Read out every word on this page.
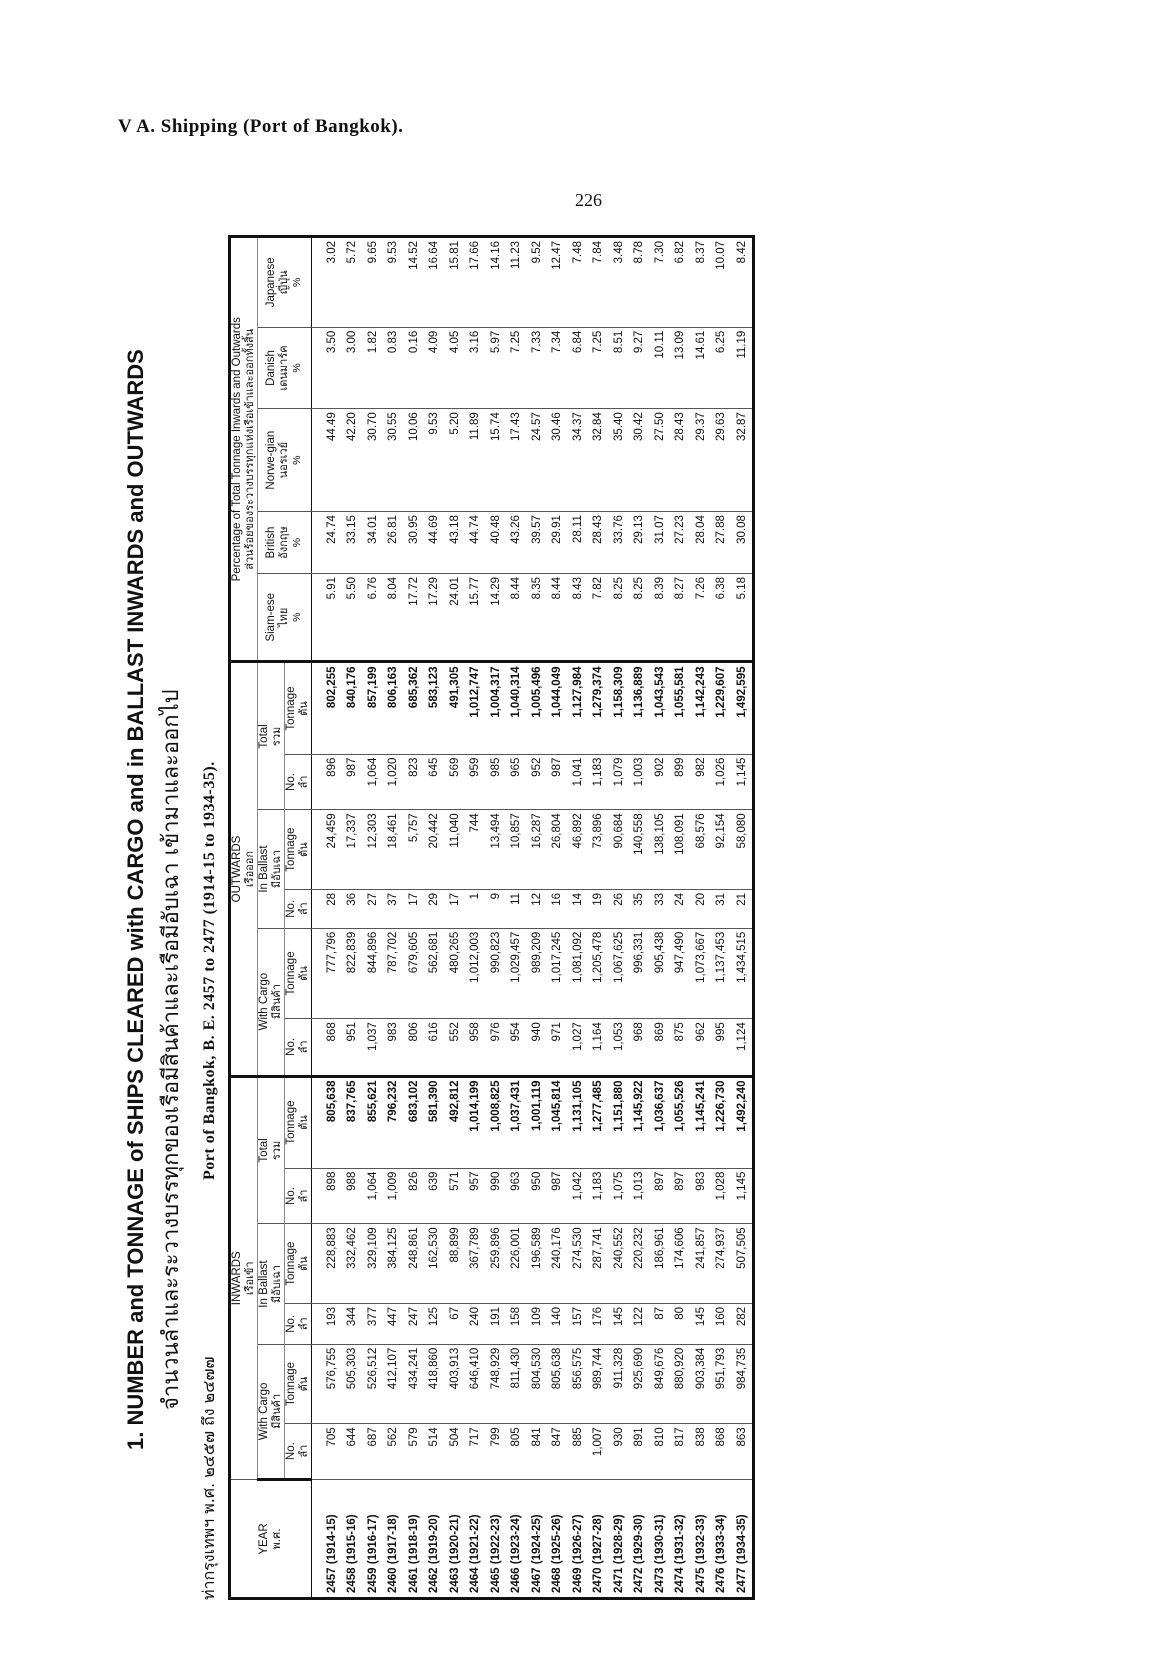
V A. Shipping (Port of Bangkok).
226
1. NUMBER and TONNAGE of SHIPS CLEARED with CARGO and in BALLAST INWARDS and OUTWARDS จำนวนลำและระวางบรรทุกของเรือมีสินค้าและเรือมีอับเฉา เข้ามาและออกไป
ท่ากรุงเทพฯ พ.ศ. ๒๔๕๗ ถึง ๒๔๗๗
Port of Bangkok, B. E. 2457 to 2477 (1914-15 to 1934-35).
YEAR พ.ศ.	INWARDS เรือเข้า						OUTWARDS เรือออก						Percentage of Total Tonnage Inwards and Outwards ส่วนร้อยของระวางบรรทุกแห่งเรือเข้าและออกทั้งสิ้น				

	With Cargo มีสินค้า		In Ballast มีอับเฉา		Total รวม		With Cargo มีสินค้า		In Ballast มีอับเฉา		Total รวม		Siam-ese ไทย %	British อังกฤษ %	Norwe-gian นอรเวย์ %	Danish เดนมาร์ค %	Japanese ญี่ปุ่น %
	No. ลำ	Tonnage ตัน	No. ลำ	Tonnage ตัน	No. ลำ	Tonnage ตัน	No. ลำ	Tonnage ตัน	No. ลำ	Tonnage ตัน	No. ลำ	Tonnage ตัน					

2457 (1914-15)	705	576,755	193	228,883	898	805,638	868	777,796	28	24,459	896	802,255	5.91	24.74	44.49	3.50	3.02
2458 (1915-16)	644	505,303	344	332,462	988	837,765	951	822,839	36	17,337	987	840,176	5.50	33.15	42.20	3.00	5.72
2459 (1916-17)	687	526,512	377	329,109	1,064	855,621	1,037	844,896	27	12,303	1,064	857,199	6.76	34.01	30.70	1.82	9.65
2460 (1917-18)	562	412,107	447	384,125	1,009	796,232	983	787,702	37	18,461	1,020	806,163	8.04	26.81	30.55	0.83	9.53
2461 (1918-19)	579	434,241	247	248,861	826	683,102	806	679,605	17	5,757	823	685,362	17.72	30.95	10.06	0.16	14.52
2462 (1919-20)	514	418,860	125	162,530	639	581,390	616	562,681	29	20,442	645	583,123	17.29	44.69	9.53	4.09	16.64
2463 (1920-21)	504	403,913	67	88,899	571	492,812	552	480,265	17	11,040	569	491,305	24.01	43.18	5.20	4.05	15.81
2464 (1921-22)	717	646,410	240	367,789	957	1,014,199	958	1,012,003	1	744	959	1,012,747	15.77	44.74	11.89	3.16	17.66
2465 (1922-23)	799	748,929	191	259,896	990	1,008,825	976	990,823	9	13,494	985	1,004,317	14.29	40.48	15.74	5.97	14.16
2466 (1923-24)	805	811,430	158	226,001	963	1,037,431	954	1,029,457	11	10,857	965	1,040,314	8.44	43.26	17.43	7.25	11.23
2467 (1924-25)	841	804,530	109	196,589	950	1,001,119	940	989,209	12	16,287	952	1,005,496	8.35	39.57	24.57	7.33	9.52
2468 (1925-26)	847	805,638	140	240,176	987	1,045,814	971	1,017,245	16	26,804	987	1,044,049	8.44	29.91	30.46	7.34	12.47
2469 (1926-27)	885	856,575	157	274,530	1,042	1,131,105	1,027	1,081,092	14	46,892	1,041	1,127,984	8.43	28.11	34.37	6.84	7.48
2470 (1927-28)	1,007	989,744	176	287,741	1,183	1,277,485	1,164	1,205,478	19	73,896	1,183	1,279,374	7.82	28.43	32.84	7.25	7.84
2471 (1928-29)	930	911,328	145	240,552	1,075	1,151,880	1,053	1,067,625	26	90,684	1,079	1,158,309	8.25	33.76	35.40	8.51	3.48
2472 (1929-30)	891	925,690	122	220,232	1,013	1,145,922	968	996,331	35	140,558	1,003	1,136,889	8.25	29.13	30.42	9.27	8.78
2473 (1930-31)	810	849,676	87	186,961	897	1,036,637	869	905,438	33	138,105	902	1,043,543	8.39	31.07	27.50	10.11	7.30
2474 (1931-32)	817	880,920	80	174,606	897	1,055,526	875	947,490	24	108,091	899	1,055,581	8.27	27.23	28.43	13.09	6.82
2475 (1932-33)	838	903,384	145	241,857	983	1,145,241	962	1,073,667	20	68,576	982	1,142,243	7.26	28.04	29.37	14.61	8.37
2476 (1933-34)	868	951,793	160	274,937	1,028	1,226,730	995	1,137,453	31	92,154	1,026	1,229,607	6.38	27.88	29.63	6.25	10.07
2477 (1934-35)	863	984,735	282	507,505	1,145	1,492,240	1,124	1,434,515	21	58,080	1,145	1,492,595	5.18	30.08	32.87	11.19	8.42
